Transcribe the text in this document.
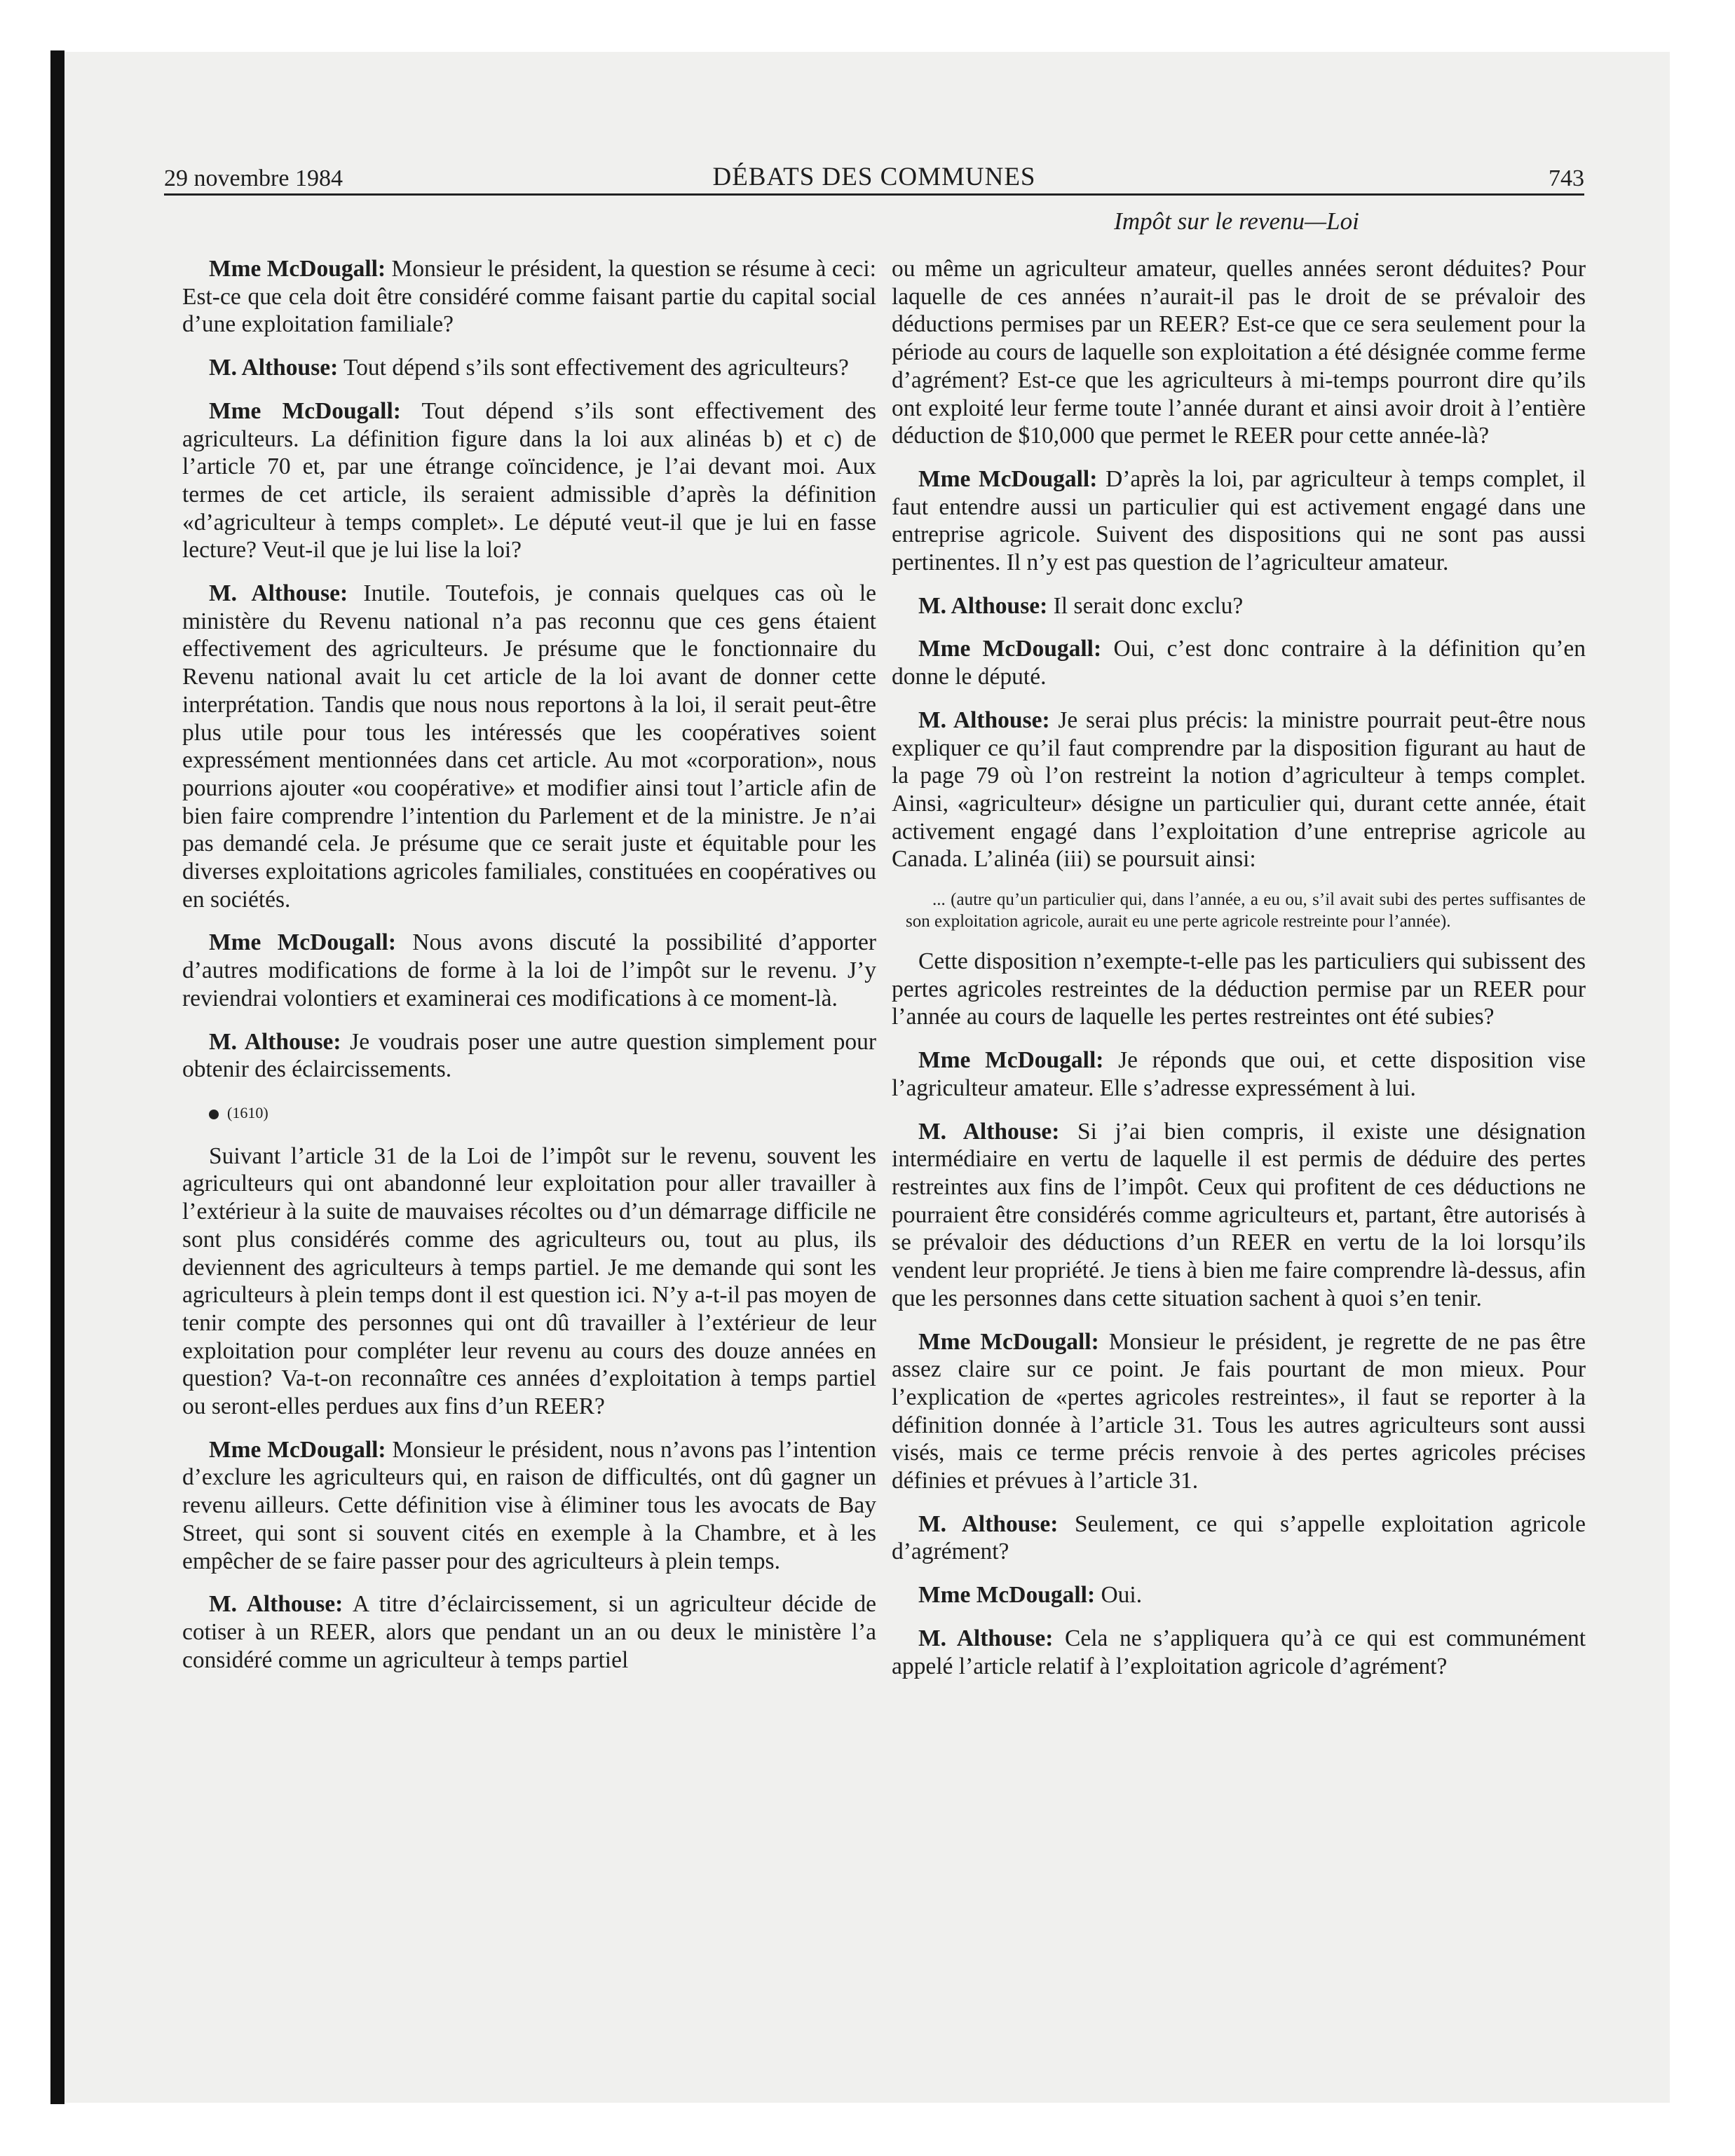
29 novembre 1984	DÉBATS DES COMMUNES	743
Impôt sur le revenu—Loi

Mme McDougall: Monsieur le président, la question se résume à ceci: Est-ce que cela doit être considéré comme faisant partie du capital social d’une exploitation familiale?

M. Althouse: Tout dépend s’ils sont effectivement des agriculteurs?

Mme McDougall: Tout dépend s’ils sont effectivement des agriculteurs. La définition figure dans la loi aux alinéas b) et c) de l’article 70 et, par une étrange coïncidence, je l’ai devant moi. Aux termes de cet article, ils seraient admissible d’après la définition «d’agriculteur à temps complet». Le député veut-il que je lui en fasse lecture? Veut-il que je lui lise la loi?

M. Althouse: Inutile. Toutefois, je connais quelques cas où le ministère du Revenu national n’a pas reconnu que ces gens étaient effectivement des agriculteurs. Je présume que le fonctionnaire du Revenu national avait lu cet article de la loi avant de donner cette interprétation. Tandis que nous nous reportons à la loi, il serait peut-être plus utile pour tous les intéressés que les coopératives soient expressément mentionnées dans cet article. Au mot «corporation», nous pourrions ajouter «ou coopérative» et modifier ainsi tout l’article afin de bien faire comprendre l’intention du Parlement et de la ministre. Je n’ai pas demandé cela. Je présume que ce serait juste et équitable pour les diverses exploitations agricoles familiales, constituées en coopératives ou en sociétés.

Mme McDougall: Nous avons discuté la possibilité d’apporter d’autres modifications de forme à la loi de l’impôt sur le revenu. J’y reviendrai volontiers et examinerai ces modifications à ce moment-là.

M. Althouse: Je voudrais poser une autre question simplement pour obtenir des éclaircissements.

(1610)

Suivant l’article 31 de la Loi de l’impôt sur le revenu, souvent les agriculteurs qui ont abandonné leur exploitation pour aller travailler à l’extérieur à la suite de mauvaises récoltes ou d’un démarrage difficile ne sont plus considérés comme des agriculteurs ou, tout au plus, ils deviennent des agriculteurs à temps partiel. Je me demande qui sont les agriculteurs à plein temps dont il est question ici. N’y a-t-il pas moyen de tenir compte des personnes qui ont dû travailler à l’extérieur de leur exploitation pour compléter leur revenu au cours des douze années en question? Va-t-on reconnaître ces années d’exploitation à temps partiel ou seront-elles perdues aux fins d’un REER?

Mme McDougall: Monsieur le président, nous n’avons pas l’intention d’exclure les agriculteurs qui, en raison de difficultés, ont dû gagner un revenu ailleurs. Cette définition vise à éliminer tous les avocats de Bay Street, qui sont si souvent cités en exemple à la Chambre, et à les empêcher de se faire passer pour des agriculteurs à plein temps.

M. Althouse: A titre d’éclaircissement, si un agriculteur décide de cotiser à un REER, alors que pendant un an ou deux le ministère l’a considéré comme un agriculteur à temps partiel

ou même un agriculteur amateur, quelles années seront déduites? Pour laquelle de ces années n’aurait-il pas le droit de se prévaloir des déductions permises par un REER? Est-ce que ce sera seulement pour la période au cours de laquelle son exploitation a été désignée comme ferme d’agrément? Est-ce que les agriculteurs à mi-temps pourront dire qu’ils ont exploité leur ferme toute l’année durant et ainsi avoir droit à l’entière déduction de $10,000 que permet le REER pour cette année-là?

Mme McDougall: D’après la loi, par agriculteur à temps complet, il faut entendre aussi un particulier qui est activement engagé dans une entreprise agricole. Suivent des dispositions qui ne sont pas aussi pertinentes. Il n’y est pas question de l’agriculteur amateur.

M. Althouse: Il serait donc exclu?

Mme McDougall: Oui, c’est donc contraire à la définition qu’en donne le député.

M. Althouse: Je serai plus précis: la ministre pourrait peut-être nous expliquer ce qu’il faut comprendre par la disposition figurant au haut de la page 79 où l’on restreint la notion d’agriculteur à temps complet. Ainsi, «agriculteur» désigne un particulier qui, durant cette année, était activement engagé dans l’exploitation d’une entreprise agricole au Canada. L’alinéa (iii) se poursuit ainsi:

... (autre qu’un particulier qui, dans l’année, a eu ou, s’il avait subi des pertes suffisantes de son exploitation agricole, aurait eu une perte agricole restreinte pour l’année).

Cette disposition n’exempte-t-elle pas les particuliers qui subissent des pertes agricoles restreintes de la déduction permise par un REER pour l’année au cours de laquelle les pertes restreintes ont été subies?

Mme McDougall: Je réponds que oui, et cette disposition vise l’agriculteur amateur. Elle s’adresse expressément à lui.

M. Althouse: Si j’ai bien compris, il existe une désignation intermédiaire en vertu de laquelle il est permis de déduire des pertes restreintes aux fins de l’impôt. Ceux qui profitent de ces déductions ne pourraient être considérés comme agriculteurs et, partant, être autorisés à se prévaloir des déductions d’un REER en vertu de la loi lorsqu’ils vendent leur propriété. Je tiens à bien me faire comprendre là-dessus, afin que les personnes dans cette situation sachent à quoi s’en tenir.

Mme McDougall: Monsieur le président, je regrette de ne pas être assez claire sur ce point. Je fais pourtant de mon mieux. Pour l’explication de «pertes agricoles restreintes», il faut se reporter à la définition donnée à l’article 31. Tous les autres agriculteurs sont aussi visés, mais ce terme précis renvoie à des pertes agricoles précises définies et prévues à l’article 31.

M. Althouse: Seulement, ce qui s’appelle exploitation agricole d’agrément?

Mme McDougall: Oui.

M. Althouse: Cela ne s’appliquera qu’à ce qui est communément appelé l’article relatif à l’exploitation agricole d’agrément?
